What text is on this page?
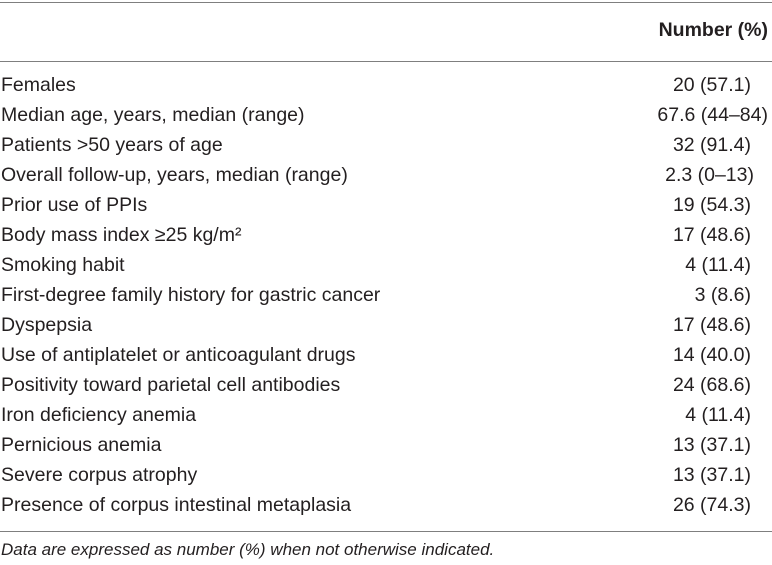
Number (%)
Females	20 (57.1)
Median age, years, median (range)	67.6 (44–84)
Patients >50 years of age	32 (91.4)
Overall follow-up, years, median (range)	2.3 (0–13)
Prior use of PPIs	19 (54.3)
Body mass index ≥25 kg/m²	17 (48.6)
Smoking habit	4 (11.4)
First-degree family history for gastric cancer	3 (8.6)
Dyspepsia	17 (48.6)
Use of antiplatelet or anticoagulant drugs	14 (40.0)
Positivity toward parietal cell antibodies	24 (68.6)
Iron deficiency anemia	4 (11.4)
Pernicious anemia	13 (37.1)
Severe corpus atrophy	13 (37.1)
Presence of corpus intestinal metaplasia	26 (74.3)
Data are expressed as number (%) when not otherwise indicated.
